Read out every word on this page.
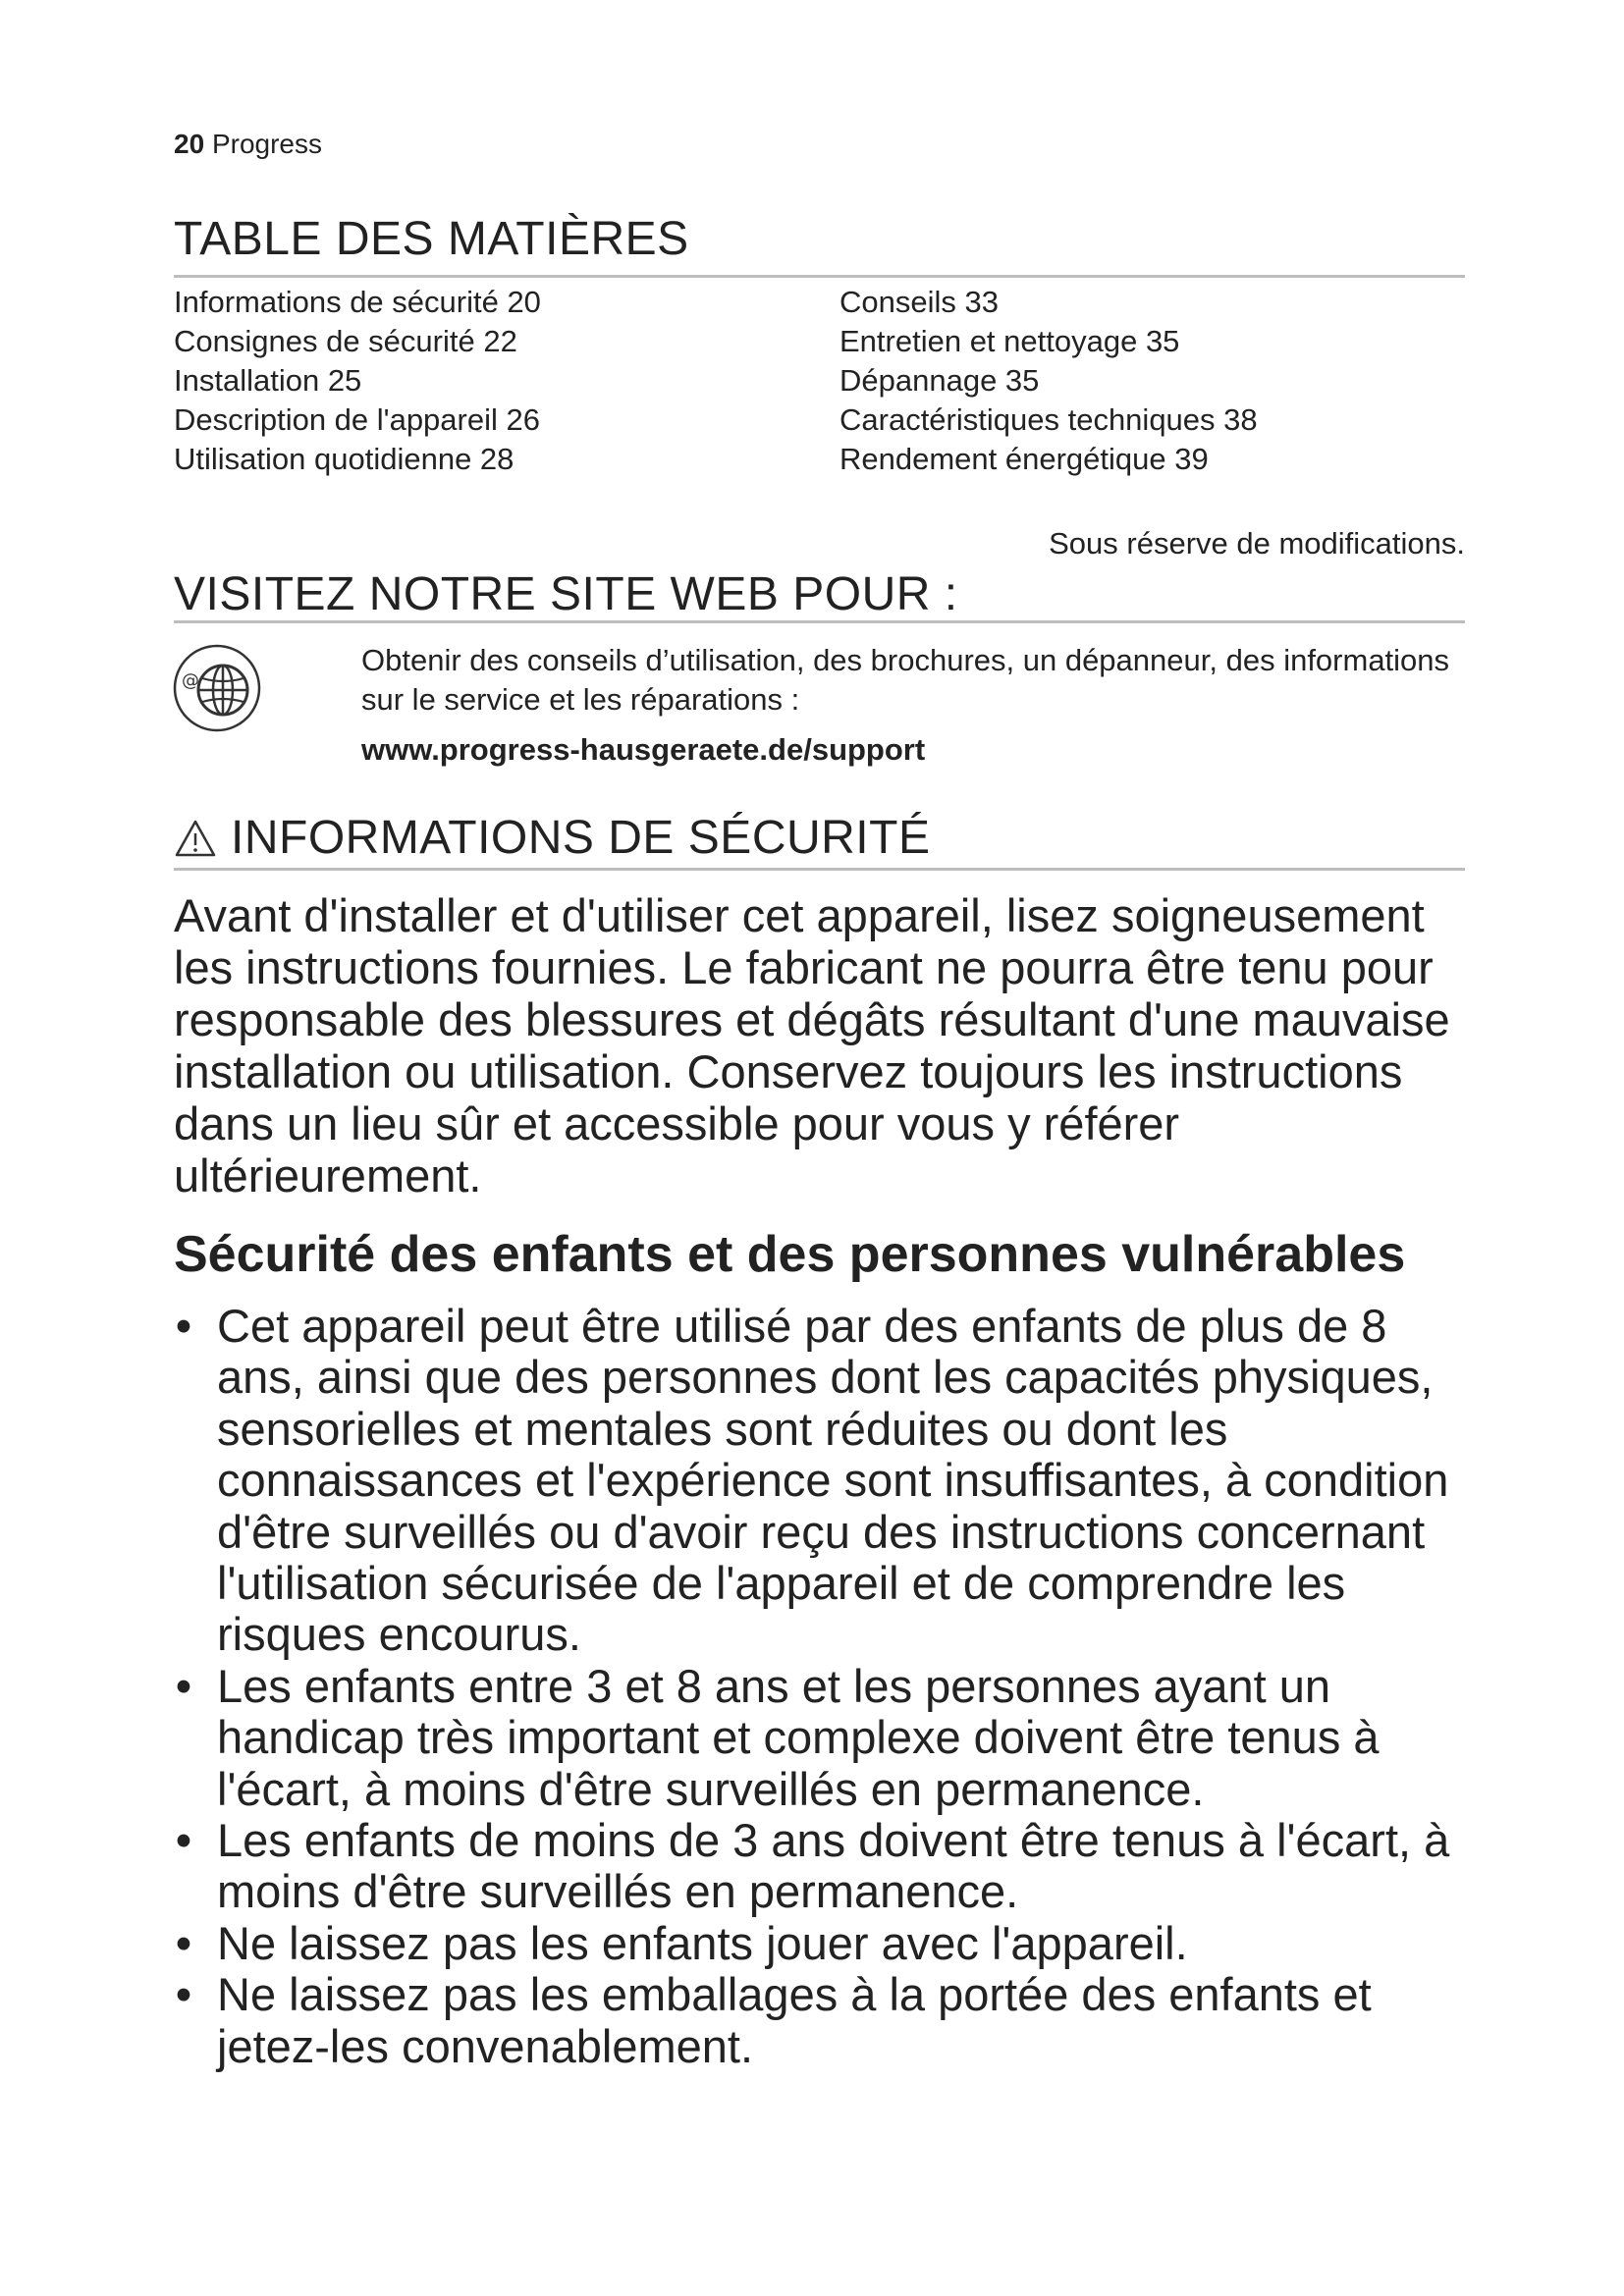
20 Progress
TABLE DES MATIÈRES
Informations de sécurité 20
Consignes de sécurité 22
Installation 25
Description de l'appareil 26
Utilisation quotidienne 28
Conseils 33
Entretien et nettoyage 35
Dépannage 35
Caractéristiques techniques 38
Rendement énergétique 39
Sous réserve de modifications.
VISITEZ NOTRE SITE WEB POUR :
@

Obtenir des conseils d’utilisation, des brochures, un dépanneur, des informations sur le service et les réparations :

www.progress-hausgeraete.de/support
INFORMATIONS DE SÉCURITÉ

Avant d'installer et d'utiliser cet appareil, lisez soigneusement les instructions fournies. Le fabricant ne pourra être tenu pour responsable des blessures et dégâts résultant d'une mauvaise installation ou utilisation. Conservez toujours les instructions dans un lieu sûr et accessible pour vous y référer ultérieurement.

Sécurité des enfants et des personnes vulnérables
• Cet appareil peut être utilisé par des enfants de plus de 8 ans, ainsi que des personnes dont les capacités physiques, sensorielles et mentales sont réduites ou dont les connaissances et l'expérience sont insuffisantes, à condition d'être surveillés ou d'avoir reçu des instructions concernant l'utilisation sécurisée de l'appareil et de comprendre les risques encourus.
• Les enfants entre 3 et 8 ans et les personnes ayant un handicap très important et complexe doivent être tenus à l'écart, à moins d'être surveillés en permanence.
• Les enfants de moins de 3 ans doivent être tenus à l'écart, à moins d'être surveillés en permanence.
• Ne laissez pas les enfants jouer avec l'appareil.
• Ne laissez pas les emballages à la portée des enfants et jetez-les convenablement.
